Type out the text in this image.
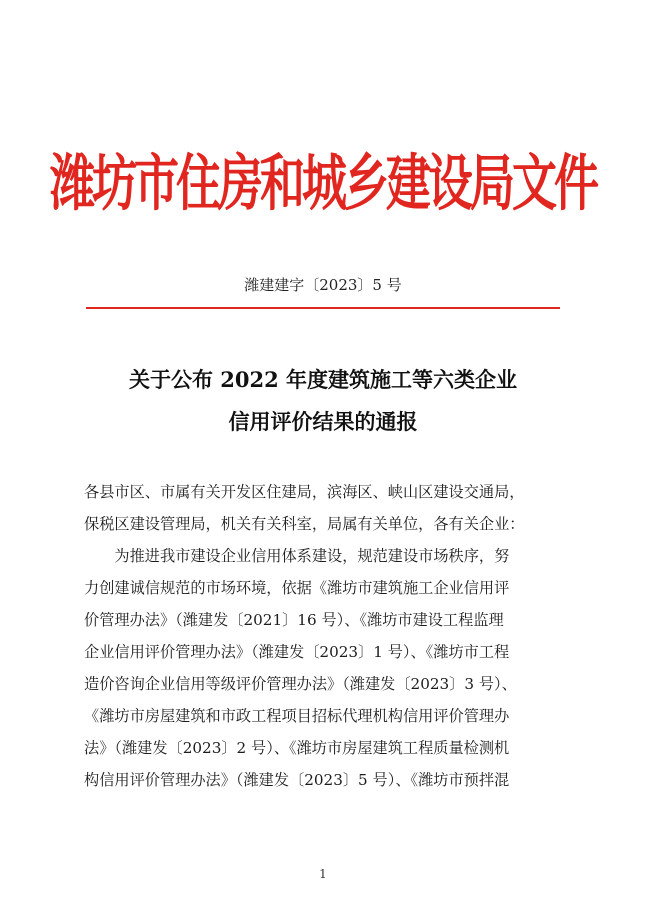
潍坊市住房和城乡建设局文件
潍建建字〔2023〕5 号
关于公布 2022 年度建筑施工等六类企业
信用评价结果的通报
各县市区、市属有关开发区住建局，滨海区、峡山区建设交通局，
保税区建设管理局，机关有关科室，局属有关单位，各有关企业：
　　为推进我市建设企业信用体系建设，规范建设市场秩序，努
力创建诚信规范的市场环境，依据《潍坊市建筑施工企业信用评
价管理办法》（潍建发〔2021〕16 号）、《潍坊市建设工程监理
企业信用评价管理办法》（潍建发〔2023〕1 号）、《潍坊市工程
造价咨询企业信用等级评价管理办法》（潍建发〔2023〕3 号）、
《潍坊市房屋建筑和市政工程项目招标代理机构信用评价管理办
法》（潍建发〔2023〕2 号）、《潍坊市房屋建筑工程质量检测机
构信用评价管理办法》（潍建发〔2023〕5 号）、《潍坊市预拌混
1
